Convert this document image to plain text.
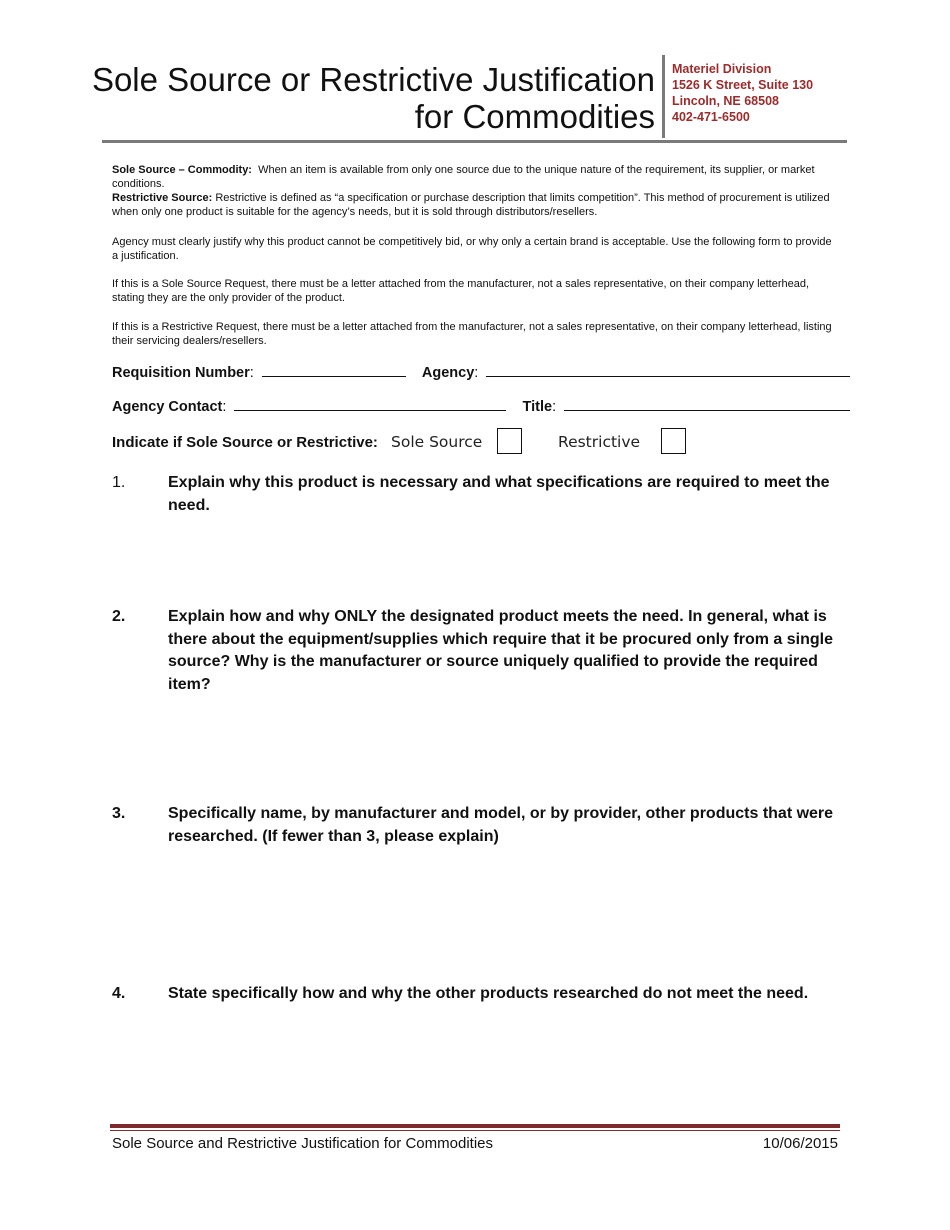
Sole Source or Restrictive Justification
for Commodities
Materiel Division
1526 K Street, Suite 130
Lincoln, NE 68508
402-471-6500
Sole Source – Commodity: When an item is available from only one source due to the unique nature of the requirement, its supplier, or market conditions.
Restrictive Source: Restrictive is defined as “a specification or purchase description that limits competition”. This method of procurement is utilized when only one product is suitable for the agency’s needs, but it is sold through distributors/resellers.
Agency must clearly justify why this product cannot be competitively bid, or why only a certain brand is acceptable. Use the following form to provide a justification.
If this is a Sole Source Request, there must be a letter attached from the manufacturer, not a sales representative, on their company letterhead, stating they are the only provider of the product.
If this is a Restrictive Request, there must be a letter attached from the manufacturer, not a sales representative, on their company letterhead, listing their servicing dealers/resellers.
Requisition Number:	Agency:
Agency Contact:	Title:
Indicate if Sole Source or Restrictive: Sole Source	Restrictive
1.	Explain why this product is necessary and what specifications are required to meet the need.
2.	Explain how and why ONLY the designated product meets the need. In general, what is there about the equipment/supplies which require that it be procured only from a single source? Why is the manufacturer or source uniquely qualified to provide the required item?
3.	Specifically name, by manufacturer and model, or by provider, other products that were researched. (If fewer than 3, please explain)
4.	State specifically how and why the other products researched do not meet the need.
Sole Source and Restrictive Justification for Commodities	10/06/2015
